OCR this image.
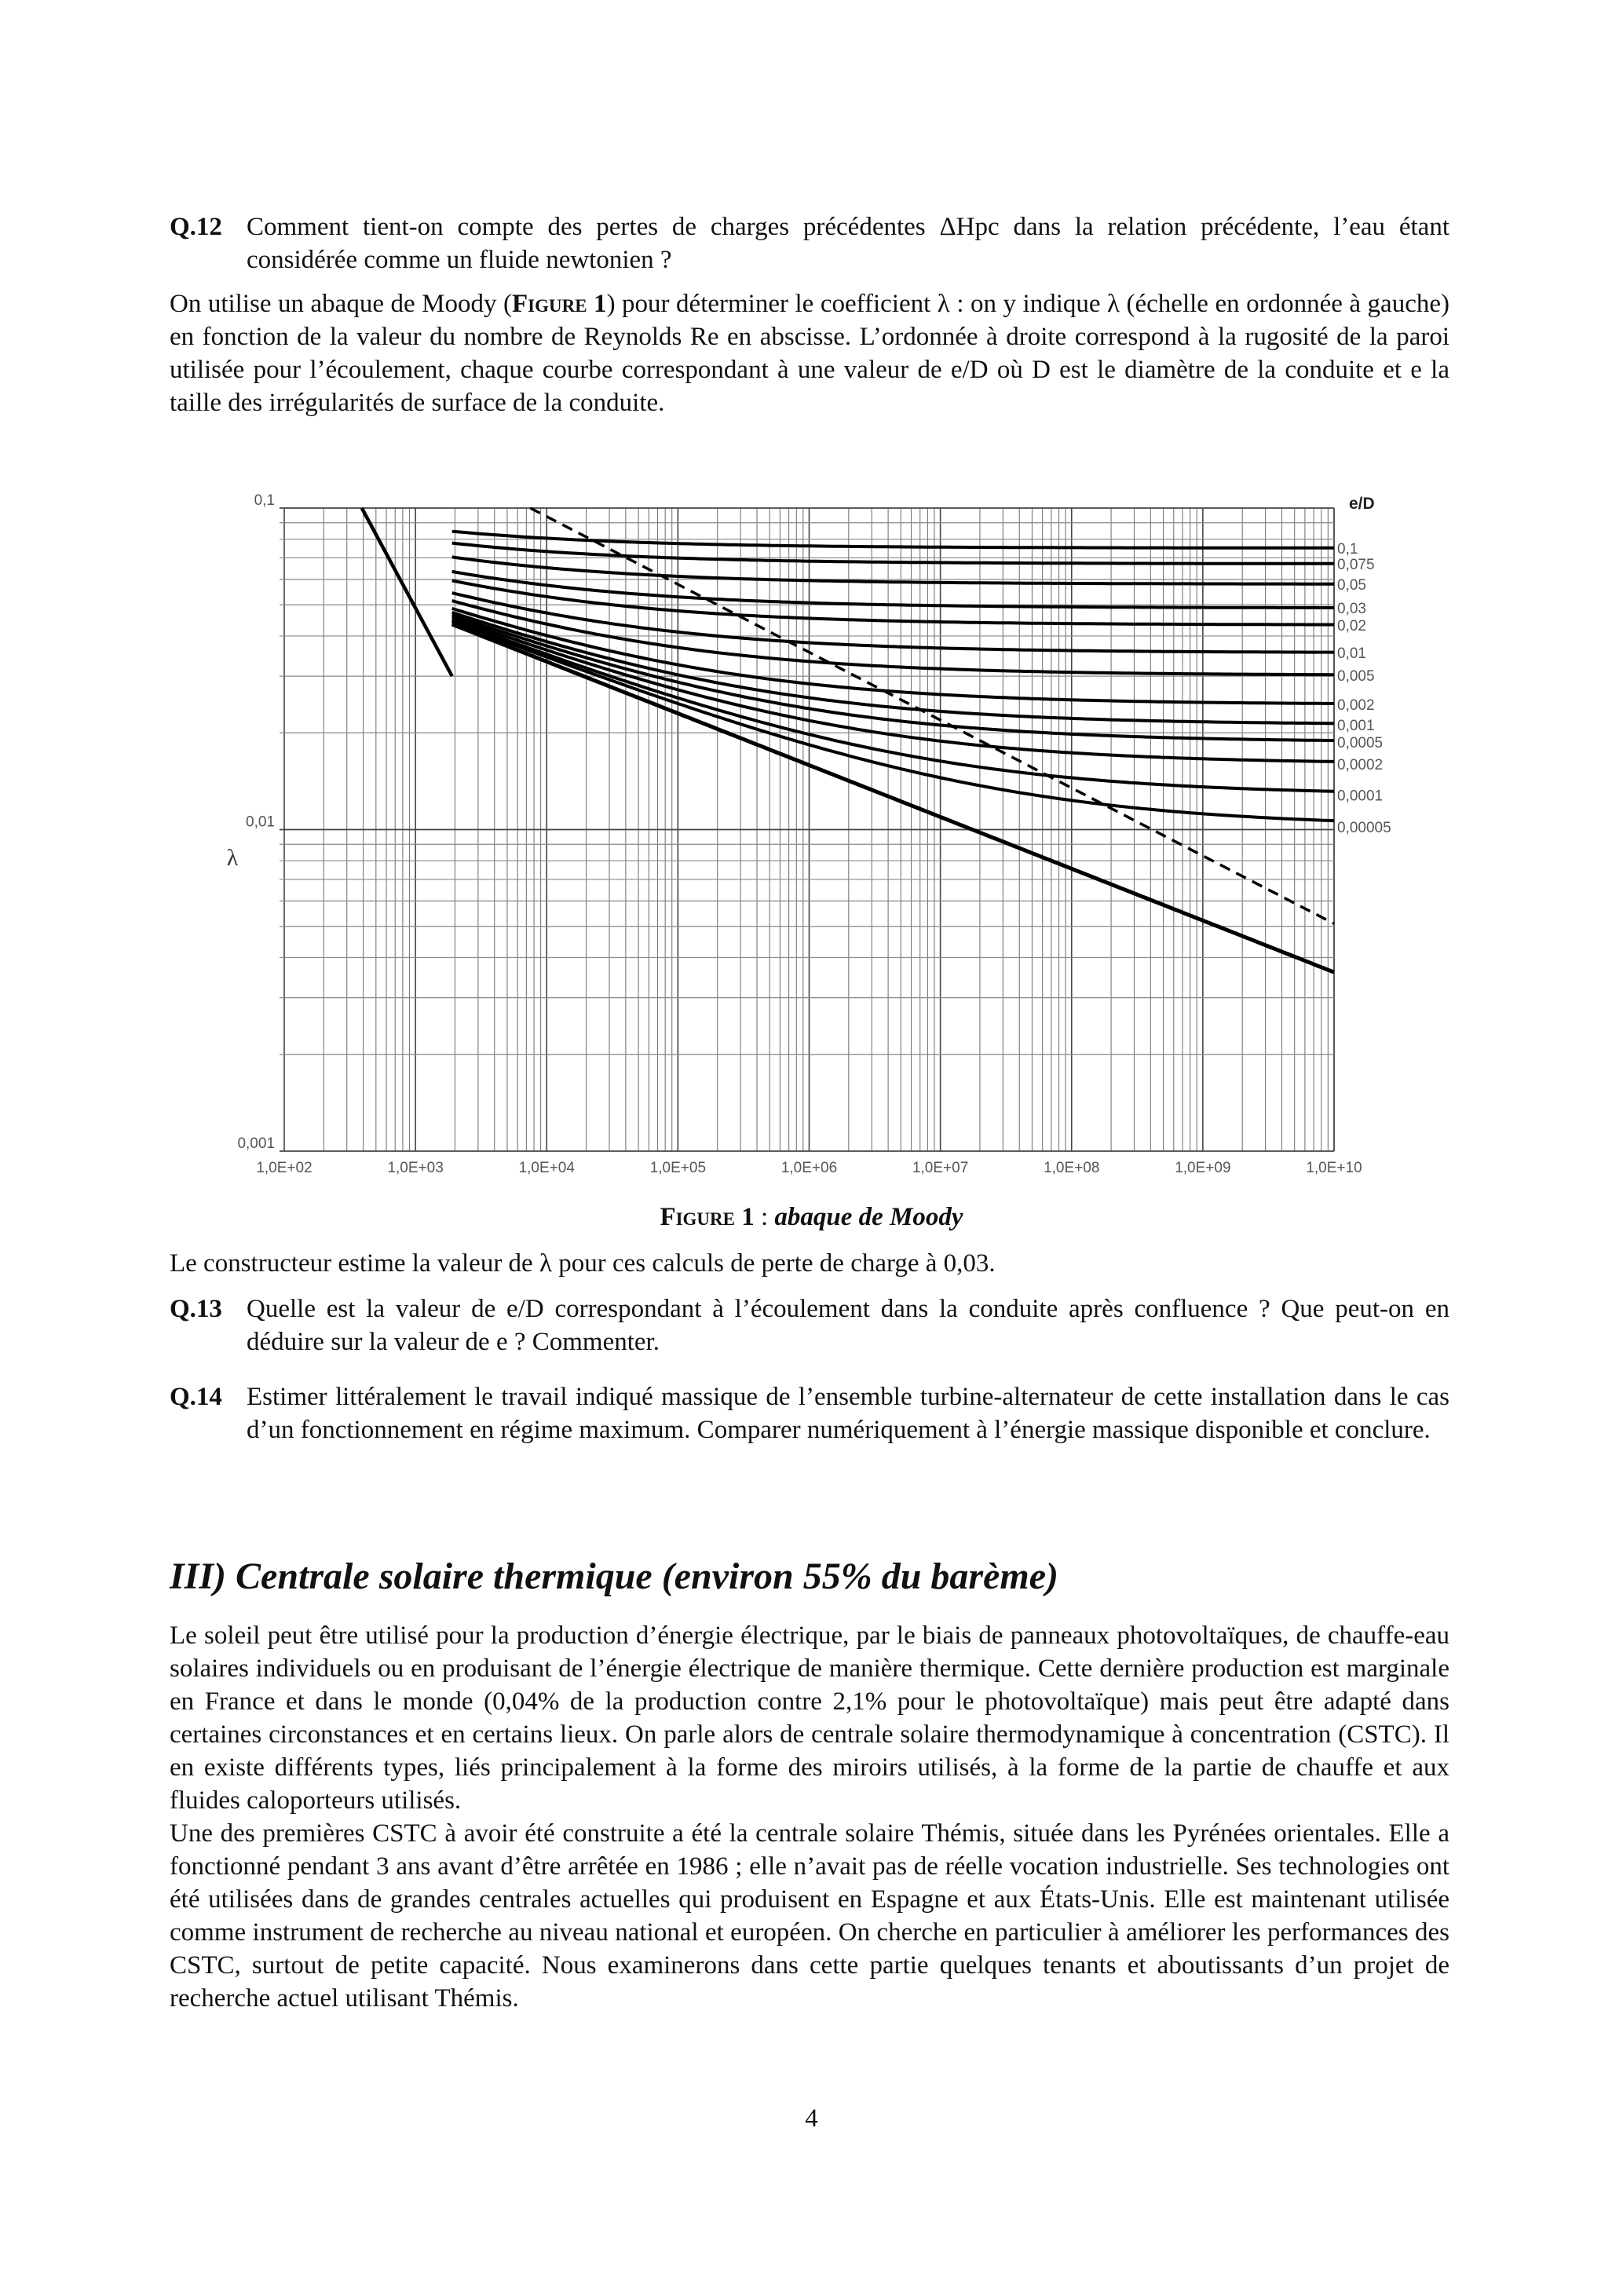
Q.12 Comment tient-on compte des pertes de charges précédentes ΔHpc dans la relation précédente, l’eau étant considérée comme un fluide newtonien ?
On utilise un abaque de Moody (Figure 1) pour déterminer le coefficient λ : on y indique λ (échelle en ordonnée à gauche) en fonction de la valeur du nombre de Reynolds Re en abscisse. L’ordonnée à droite correspond à la rugosité de la paroi utilisée pour l’écoulement, chaque courbe correspondant à une valeur de e/D où D est le diamètre de la conduite et e la taille des irrégularités de surface de la conduite.
0,1
0,075
0,05
0,03
0,02
0,01
0,005
0,002
0,001
0,0005
0,0002
0,0001
0,00005
0,1
0,01
0,001
1,0E+02	1,0E+03	1,0E+04	1,0E+05	1,0E+06	1,0E+07	1,0E+08	1,0E+09	1,0E+10
λ
e/D
Figure 1 : abaque de Moody
Le constructeur estime la valeur de λ pour ces calculs de perte de charge à 0,03.
Q.13 Quelle est la valeur de e/D correspondant à l’écoulement dans la conduite après confluence ? Que peut-on en déduire sur la valeur de e ? Commenter.
Q.14 Estimer littéralement le travail indiqué massique de l’ensemble turbine-alternateur de cette installation dans le cas d’un fonctionnement en régime maximum. Comparer numériquement à l’énergie massique disponible et conclure.
III) Centrale solaire thermique (environ 55% du barème)
Le soleil peut être utilisé pour la production d’énergie électrique, par le biais de panneaux photovoltaïques, de chauffe-eau solaires individuels ou en produisant de l’énergie électrique de manière thermique. Cette dernière production est marginale en France et dans le monde (0,04% de la production contre 2,1% pour le photovoltaïque) mais peut être adapté dans certaines circonstances et en certains lieux. On parle alors de centrale solaire thermodynamique à concentration (CSTC). Il en existe différents types, liés principalement à la forme des miroirs utilisés, à la forme de la partie de chauffe et aux fluides caloporteurs utilisés.
Une des premières CSTC à avoir été construite a été la centrale solaire Thémis, située dans les Pyrénées orientales. Elle a fonctionné pendant 3 ans avant d’être arrêtée en 1986 ; elle n’avait pas de réelle vocation industrielle. Ses technologies ont été utilisées dans de grandes centrales actuelles qui produisent en Espagne et aux États-Unis. Elle est maintenant utilisée comme instrument de recherche au niveau national et européen. On cherche en particulier à améliorer les performances des CSTC, surtout de petite capacité. Nous examinerons dans cette partie quelques tenants et aboutissants d’un projet de recherche actuel utilisant Thémis.
4
